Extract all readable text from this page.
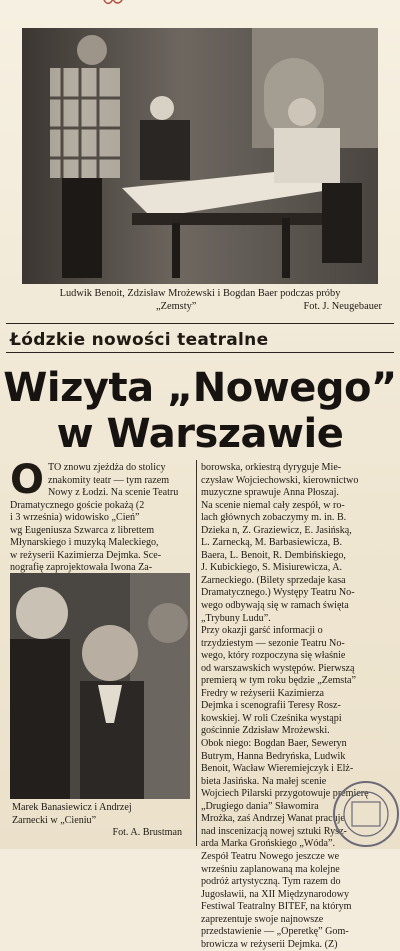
Ludwik Benoit, Zdzisław Mrożewski i Bogdan Baer podczas próby
„Zemsty”	Fot. J. Neugebauer
Łódzkie nowości teatralne
Wizyta „Nowego”
w Warszawie
O TO znowu zjeżdża do stolicy
znakomity teatr — tym razem
Nowy z Łodzi. Na scenie Teatru
Dramatycznego goście pokażą (2
i 3 września) widowisko „Cień”
wg Eugeniusza Szwarca z librettem
Młynarskiego i muzyką Maleckiego,
w reżyserii Kazimierza Dejmka. Sce-
nografię zaprojektowała Iwona Za-
Marek Banasiewicz i Andrzej
Zarnecki w „Cieniu”
Fot. A. Brustman
borowska, orkiestrą dyryguje Mie-
czysław Wojciechowski, kierownictwo
muzyczne sprawuje Anna Płoszaj.
Na scenie niemal cały zespół, w ro-
lach głównych zobaczymy m. in. B.
Dzieka n, Z. Graziewicz, E. Jasińską,
L. Zarnecką, M. Barbasiewicza, B.
Baera, L. Benoit, R. Dembińskiego,
J. Kubickiego, S. Misiurewicza, A.
Zarneckiego. (Bilety sprzedaje kasa
Dramatycznego.) Występy Teatru No-
wego odbywają się w ramach święta
„Trybuny Ludu”.
Przy okazji garść informacji o
trzydziestym — sezonie Teatru No-
wego, który rozpoczyna się właśnie
od warszawskich występów. Pierwszą
premierą w tym roku będzie „Zemsta”
Fredry w reżyserii Kazimierza
Dejmka i scenografii Teresy Rosz-
kowskiej. W roli Cześnika wystąpi
gościnnie Zdzisław Mrożewski.
Obok niego: Bogdan Baer, Seweryn
Butrym, Hanna Bedryńska, Ludwik
Benoit, Wacław Wieremiejczyk i Elż-
bieta Jasińska. Na małej scenie
Wojciech Pilarski przygotowuje premierę
„Drugiego dania” Sławomira
Mrożka, zaś Andrzej Wanat pracuje
nad inscenizacją nowej sztuki Rysz-
arda Marka Grońskiego „Wóda”.
Zespół Teatru Nowego jeszcze we
wrześniu zaplanowaną ma kolejne
podróż artystyczną. Tym razem do
Jugosławii, na XII Międzynarodowy
Festiwal Teatralny BITEF, na którym
zaprezentuje swoje najnowsze
przedstawienie — „Operetkę” Gom-
browicza w reżyserii Dejmka. (Z)
